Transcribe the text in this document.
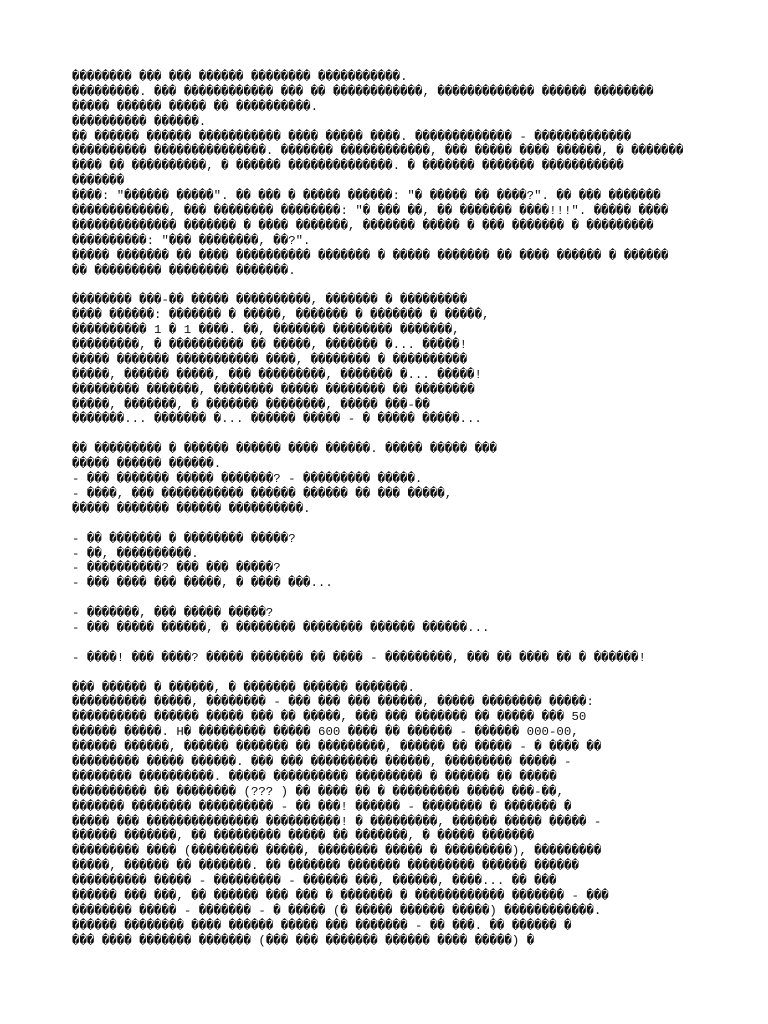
�������� ��� ��� ������ �������� �����������.
���������. ��� ������������ ��� �� ������������, ������������� ������ ��������
����� ������ ����� �� ����������.
���������� ������.
�� ������ ������ ����������� ���� ����� ����. ������������� - �������������
���������� ���������������. ������� ������������, ��� ����� ���� ������, � �������
���� �� ����������, � ������ ��������������. � ������� ������� �����������
�������
����: "������ �����". �� ��� � ����� ������: "� ����� �� ����?". �� ��� �������
�������������, ��� �������� ��������: "� ��� ��, �� ������� ����!!!". ����� ����
�������������� ������� � ���� �������, ������� ����� � ��� ������� � ���������
����������: "��� ��������, ��?".
����� ������� �� ���� ���������� ������� � ����� ������� �� ���� ������ � ������
�� ��������� �������� �������.
�������� ���-�� ����� ����������, ������� � ���������
���� ������: ������� � �����, ������� � ������� � �����,
���������� 1 � 1 ����. ��, ������� �������� �������,
���������, � ���������� �� �����, ������� �... �����!
����� ������� ����������� ����, �������� � ����������
�����, ������ �����, ��� ���������, ������� �... �����!
��������� �������, �������� ����� �������� �� ��������
�����, �������, � ������� ��������, ����� ���-��
�������... ������� �... ������ ����� - � ����� �����...
�� ��������� � ������ ������ ���� ������. ����� ����� ���
����� ������ ������.
- ��� ������� ����� �������? - ��������� �����.
- ����, ��� ����������� ������ ������ �� ��� �����,
����� ������� ������ ����������.
- �� ������� � �������� �����?
- ��, ����������.
- ����������? ��� ��� �����?
- ��� ���� ��� �����, � ���� ���...
- �������, ��� ����� �����?
- ��� ����� ������, � �������� �������� ������ ������...
- ����! ��� ����? ����� ������� �� ���� - ���������, ��� �� ���� �� � ������!
��� ������ � ������, � ������� ������ �������.
���������� �����, �������� - ��� ��� ��� ������, ����� �������� �����:
���������� ������ ����� ��� �� �����, ��� ��� ������� �� ����� ��� 50
������ �����. Н� ��������� ����� 600 ���� �� ������ - ������ 000-00,
������ ������, ������ ������� �� ���������, ������ �� ����� - � ���� ��
��������� ����� ������. ��� ��� ��������� ������, ��������� ����� -
�������� ����������. ����� ���������� ��������� � ������ �� �����
���������� �� �������� (??? ) �� ���� �� � ��������� ����� ���-��,
������� �������� ���������� - �� ���! ������ - �������� � ������� �
����� ��� ��������������� ����������! � ���������, ������ ����� ����� -
������ �������, �� ��������� ����� �� �������, � ����� �������
��������� ���� (��������� �����, �������� ����� � ���������), ���������
�����, ������ �� �������. �� ������� ������� ��������� ������ ������
���������� ����� - ��������� - ������ ���, ������, ����... �� ���
������ ��� ���, �� ������ ��� ��� � ������� � ������������ ������� - ���
�������� ����� - ������� - � ����� (� ����� ������ �����) ������������.
������ �������� ���� ������ ����� ��� ������� - �� ���. �� ������ �
��� ���� ������� ������� (��� ��� ������� ������ ���� �����) �
